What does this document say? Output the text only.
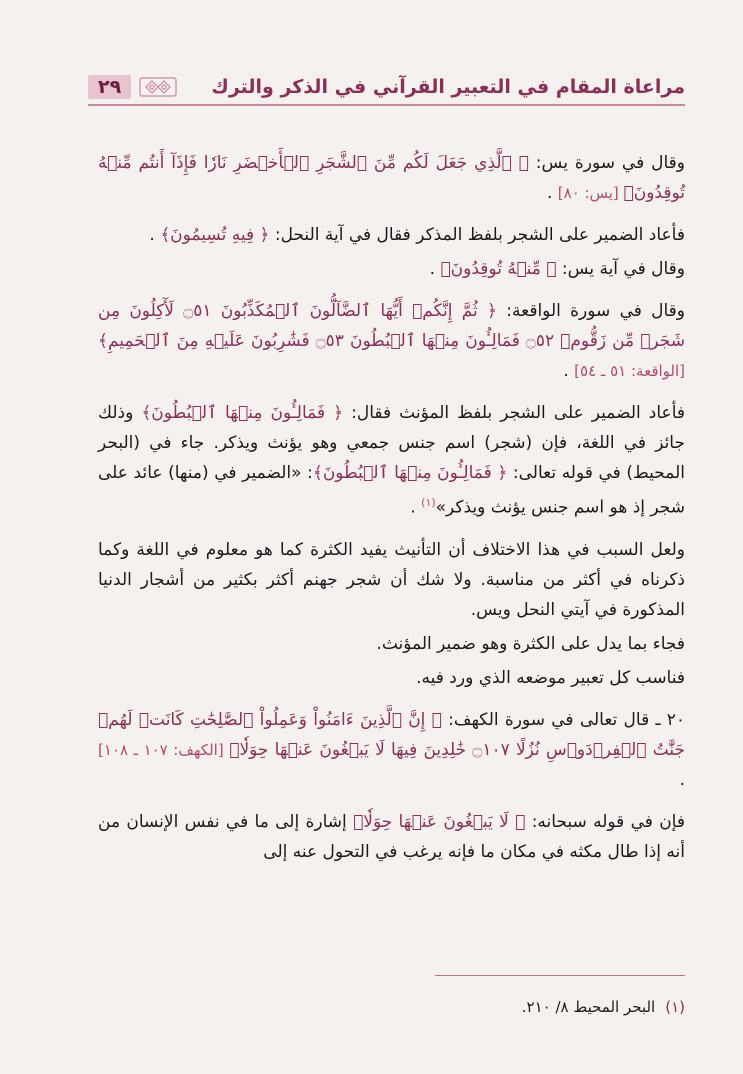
مراعاة المقام في التعبير القرآني في الذكر والترك
٢٩

وقال في سورة يس: ﴿ ٱلَّذِي جَعَلَ لَكُم مِّنَ ٱلشَّجَرِ ٱلۡأَخۡضَرِ نَارٗا فَإِذَآ أَنتُم مِّنۡهُ تُوقِدُونَ﴾ [يس: ٨٠] .

فأعاد الضمير على الشجر بلفظ المذكر فقال في آية النحل: ﴿ فِيهِ تُسِيمُونَ﴾ .

وقال في آية يس: ﴿ مِّنۡهُ تُوقِدُونَ﴾ .

وقال في سورة الواقعة: ﴿ ثُمَّ إِنَّكُمۡ أَيُّهَا ٱلضَّآلُّونَ ٱلۡمُكَذِّبُونَ ۝٥١ لَأٓكِلُونَ مِن شَجَرٖ مِّن زَقُّومٖ ۝٥٢ فَمَالِـُٔونَ مِنۡهَا ٱلۡبُطُونَ ۝٥٣ فَشَٰرِبُونَ عَلَيۡهِ مِنَ ٱلۡحَمِيمِ﴾ [الواقعة: ٥١ ـ ٥٤] .

فأعاد الضمير على الشجر بلفظ المؤنث فقال: ﴿ فَمَالِـُٔونَ مِنۡهَا ٱلۡبُطُونَ﴾ وذلك جائز في اللغة، فإن (شجر) اسم جنس جمعي وهو يؤنث ويذكر. جاء في (البحر المحيط) في قوله تعالى: ﴿ فَمَالِـُٔونَ مِنۡهَا ٱلۡبُطُونَ﴾: «الضمير في (منها) عائد على شجر إذ هو اسم جنس يؤنث ويذكر»$^{(١)}$ .

ولعل السبب في هذا الاختلاف أن التأنيث يفيد الكثرة كما هو معلوم في اللغة وكما ذكرناه في أكثر من مناسبة. ولا شك أن شجر جهنم أكثر بكثير من أشجار الدنيا المذكورة في آيتي النحل ويس.

فجاء بما يدل على الكثرة وهو ضمير المؤنث.

فناسب كل تعبير موضعه الذي ورد فيه.

٢٠ ـ قال تعالى في سورة الكهف: ﴿ إِنَّ ٱلَّذِينَ ءَامَنُواْ وَعَمِلُواْ ٱلصَّٰلِحَٰتِ كَانَتۡ لَهُمۡ جَنَّٰتُ ٱلۡفِرۡدَوۡسِ نُزُلًا ۝١٠٧ خَٰلِدِينَ فِيهَا لَا يَبۡغُونَ عَنۡهَا حِوَلٗا﴾ [الكهف: ١٠٧ ـ ١٠٨] .

فإن في قوله سبحانه: ﴿ لَا يَبۡغُونَ عَنۡهَا حِوَلٗا﴾ إشارة إلى ما في نفس الإنسان من أنه إذا طال مكثه في مكان ما فإنه يرغب في التحول عنه إلى

(١)البحر المحيط ٨/ ٢١٠.
